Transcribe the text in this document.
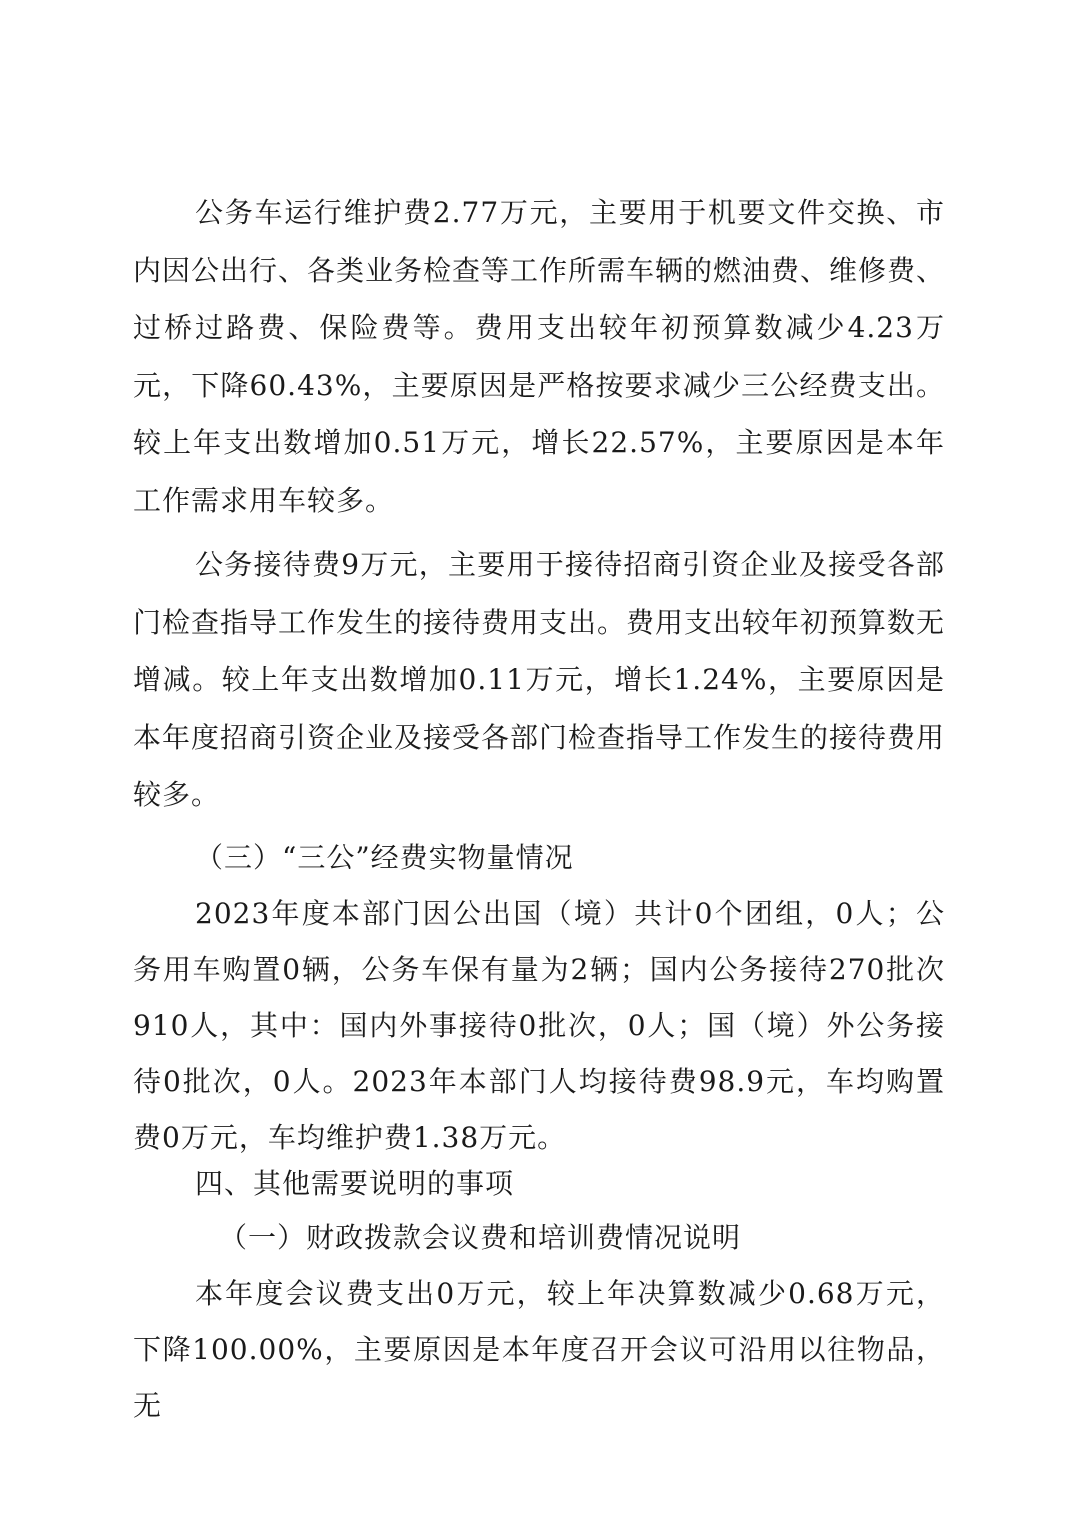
公务车运行维护费2.77万元，主要用于机要文件交换、市内因公出行、各类业务检查等工作所需车辆的燃油费、维修费、过桥过路费、保险费等。费用支出较年初预算数减少4.23万元，下降60.43%，主要原因是严格按要求减少三公经费支出。较上年支出数增加0.51万元，增长22.57%，主要原因是本年工作需求用车较多。

公务接待费9万元，主要用于接待招商引资企业及接受各部门检查指导工作发生的接待费用支出。费用支出较年初预算数无增减。较上年支出数增加0.11万元，增长1.24%，主要原因是本年度招商引资企业及接受各部门检查指导工作发生的接待费用较多。

（三）“三公”经费实物量情况

2023年度本部门因公出国（境）共计0个团组，0人；公务用车购置0辆，公务车保有量为2辆；国内公务接待270批次910人，其中：国内外事接待0批次，0人；国（境）外公务接待0批次，0人。2023年本部门人均接待费98.9元，车均购置费0万元，车均维护费1.38万元。

四、其他需要说明的事项

（一）财政拨款会议费和培训费情况说明

本年度会议费支出0万元，较上年决算数减少0.68万元，下降100.00%，主要原因是本年度召开会议可沿用以往物品，无
